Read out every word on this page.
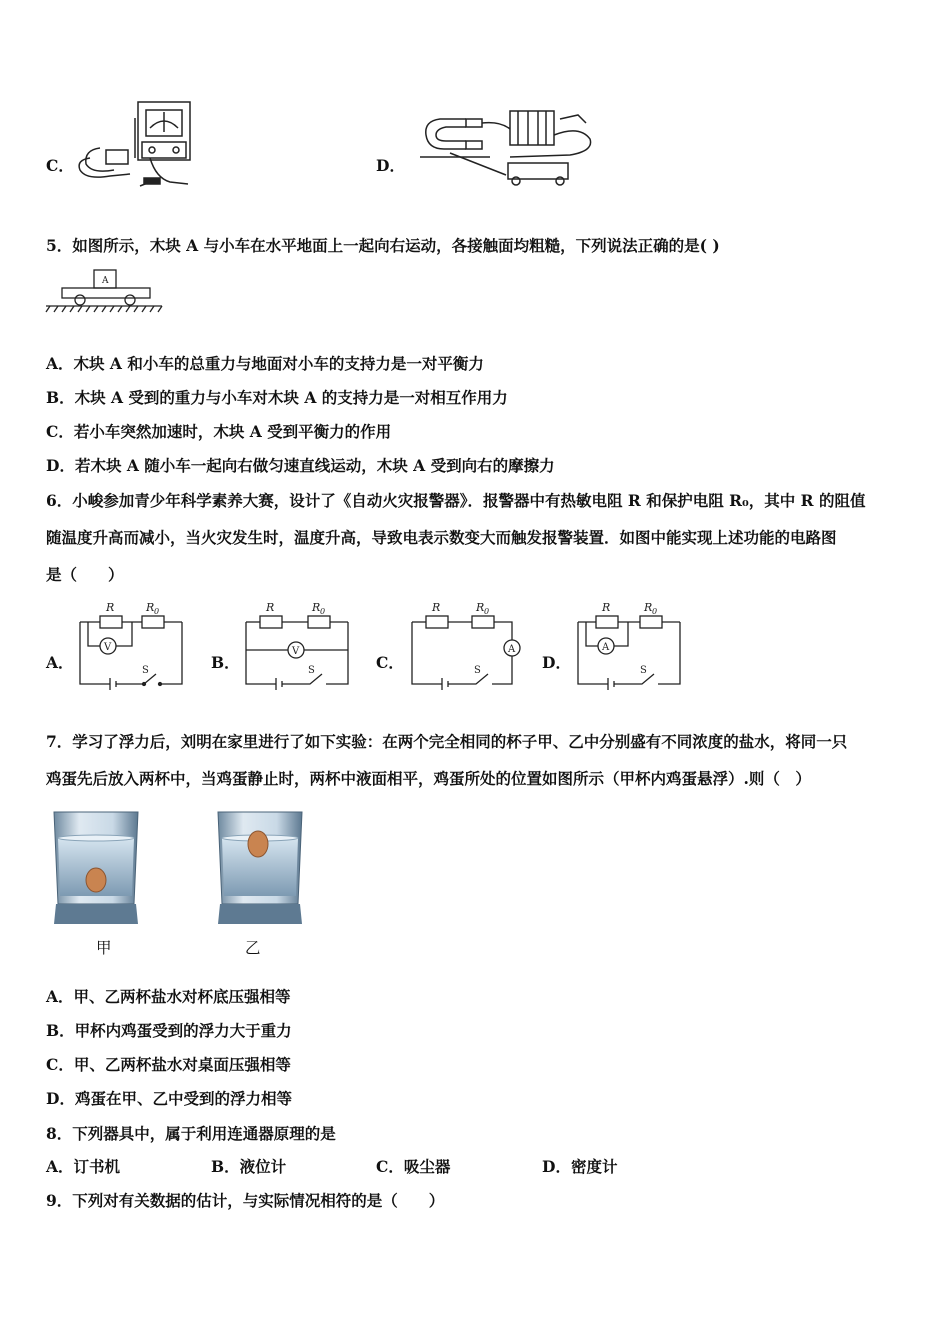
C．	D．
5．如图所示，木块 A 与小车在水平地面上一起向右运动，各接触面均粗糙，下列说法正确的是( )
A
A．木块 A 和小车的总重力与地面对小车的支持力是一对平衡力
B．木块 A 受到的重力与小车对木块 A 的支持力是一对相互作用力
C．若小车突然加速时，木块 A 受到平衡力的作用
D．若木块 A 随小车一起向右做匀速直线运动，木块 A 受到向右的摩擦力
6．小峻参加青少年科学素养大赛，设计了《自动火灾报警器》．报警器中有热敏电阻 R 和保护电阻 R₀，其中 R 的阻值
随温度升高而减小，当火灾发生时，温度升高，导致电表示数变大而触发报警装置．如图中能实现上述功能的电路图
是（　　）
A．
R	R 0
V
S	B．
R	R 0
V
S	C．
R	R 0
A
S	D．
R	R 0
A
S
7．学习了浮力后，刘明在家里进行了如下实验：在两个完全相同的杯子甲、乙中分别盛有不同浓度的盐水，将同一只
鸡蛋先后放入两杯中，当鸡蛋静止时，两杯中液面相平，鸡蛋所处的位置如图所示（甲杯内鸡蛋悬浮）.则（　）
甲	乙
A．甲、乙两杯盐水对杯底压强相等
B．甲杯内鸡蛋受到的浮力大于重力
C．甲、乙两杯盐水对桌面压强相等
D．鸡蛋在甲、乙中受到的浮力相等
8．下列器具中，属于利用连通器原理的是
A．订书机	B．液位计	C．吸尘器	D．密度计
9．下列对有关数据的估计，与实际情况相符的是（　　）
